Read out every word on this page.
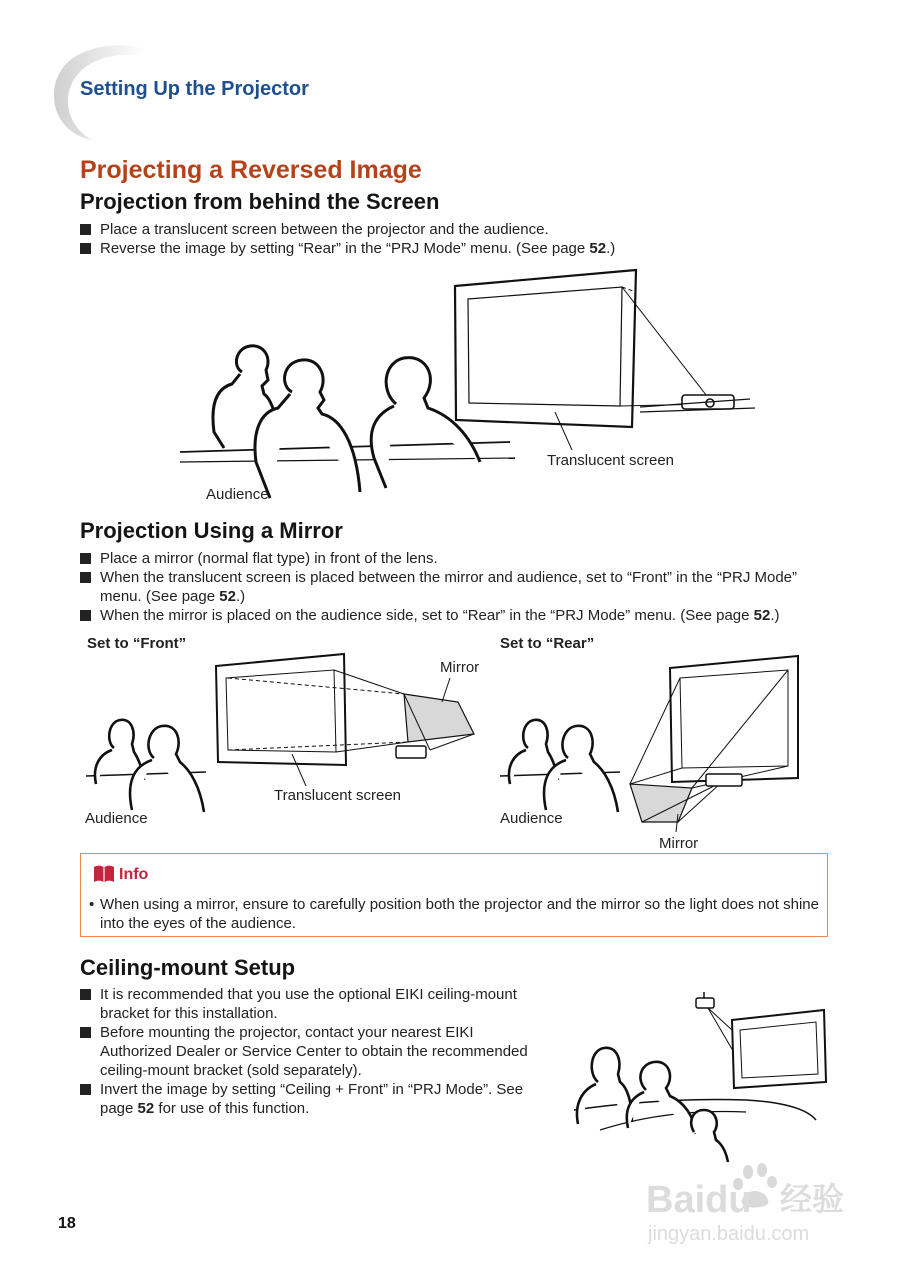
Setting Up the Projector
Projecting a Reversed Image
Projection from behind the Screen
Place a translucent screen between the projector and the audience.
Reverse the image by setting “Rear” in the “PRJ Mode” menu. (See page 52.)
Translucent screen
Audience
Projection Using a Mirror
Place a mirror (normal flat type) in front of the lens.
When the translucent screen is placed between the mirror and audience, set to “Front” in the “PRJ Mode” menu. (See page 52.)
When the mirror is placed on the audience side, set to “Rear” in the “PRJ Mode” menu. (See page 52.)
Set to “Front”	Set to “Rear”
Mirror
Translucent screen
Audience	Audience
Mirror
Info
• When using a mirror, ensure to carefully position both the projector and the mirror so the light does not shine into the eyes of the audience.
Ceiling-mount Setup
It is recommended that you use the optional EIKI ceiling-mount bracket for this installation.
Before mounting the projector, contact your nearest EIKI Authorized Dealer or Service Center to obtain the recommended ceiling-mount bracket (sold separately).
Invert the image by setting “Ceiling + Front” in “PRJ Mode”. See page 52 for use of this function.
18
Baidu 经验
jingyan.baidu.com
